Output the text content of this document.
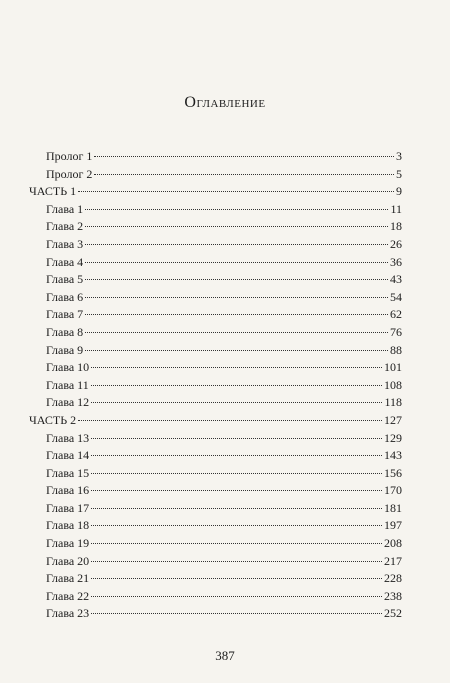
Оглавление
Пролог 1	3
Пролог 2	5
ЧАСТЬ 1	9
Глава 1	11
Глава 2	18
Глава 3	26
Глава 4	36
Глава 5	43
Глава 6	54
Глава 7	62
Глава 8	76
Глава 9	88
Глава 10	101
Глава 11	108
Глава 12	118
ЧАСТЬ 2	127
Глава 13	129
Глава 14	143
Глава 15	156
Глава 16	170
Глава 17	181
Глава 18	197
Глава 19	208
Глава 20	217
Глава 21	228
Глава 22	238
Глава 23	252
387
